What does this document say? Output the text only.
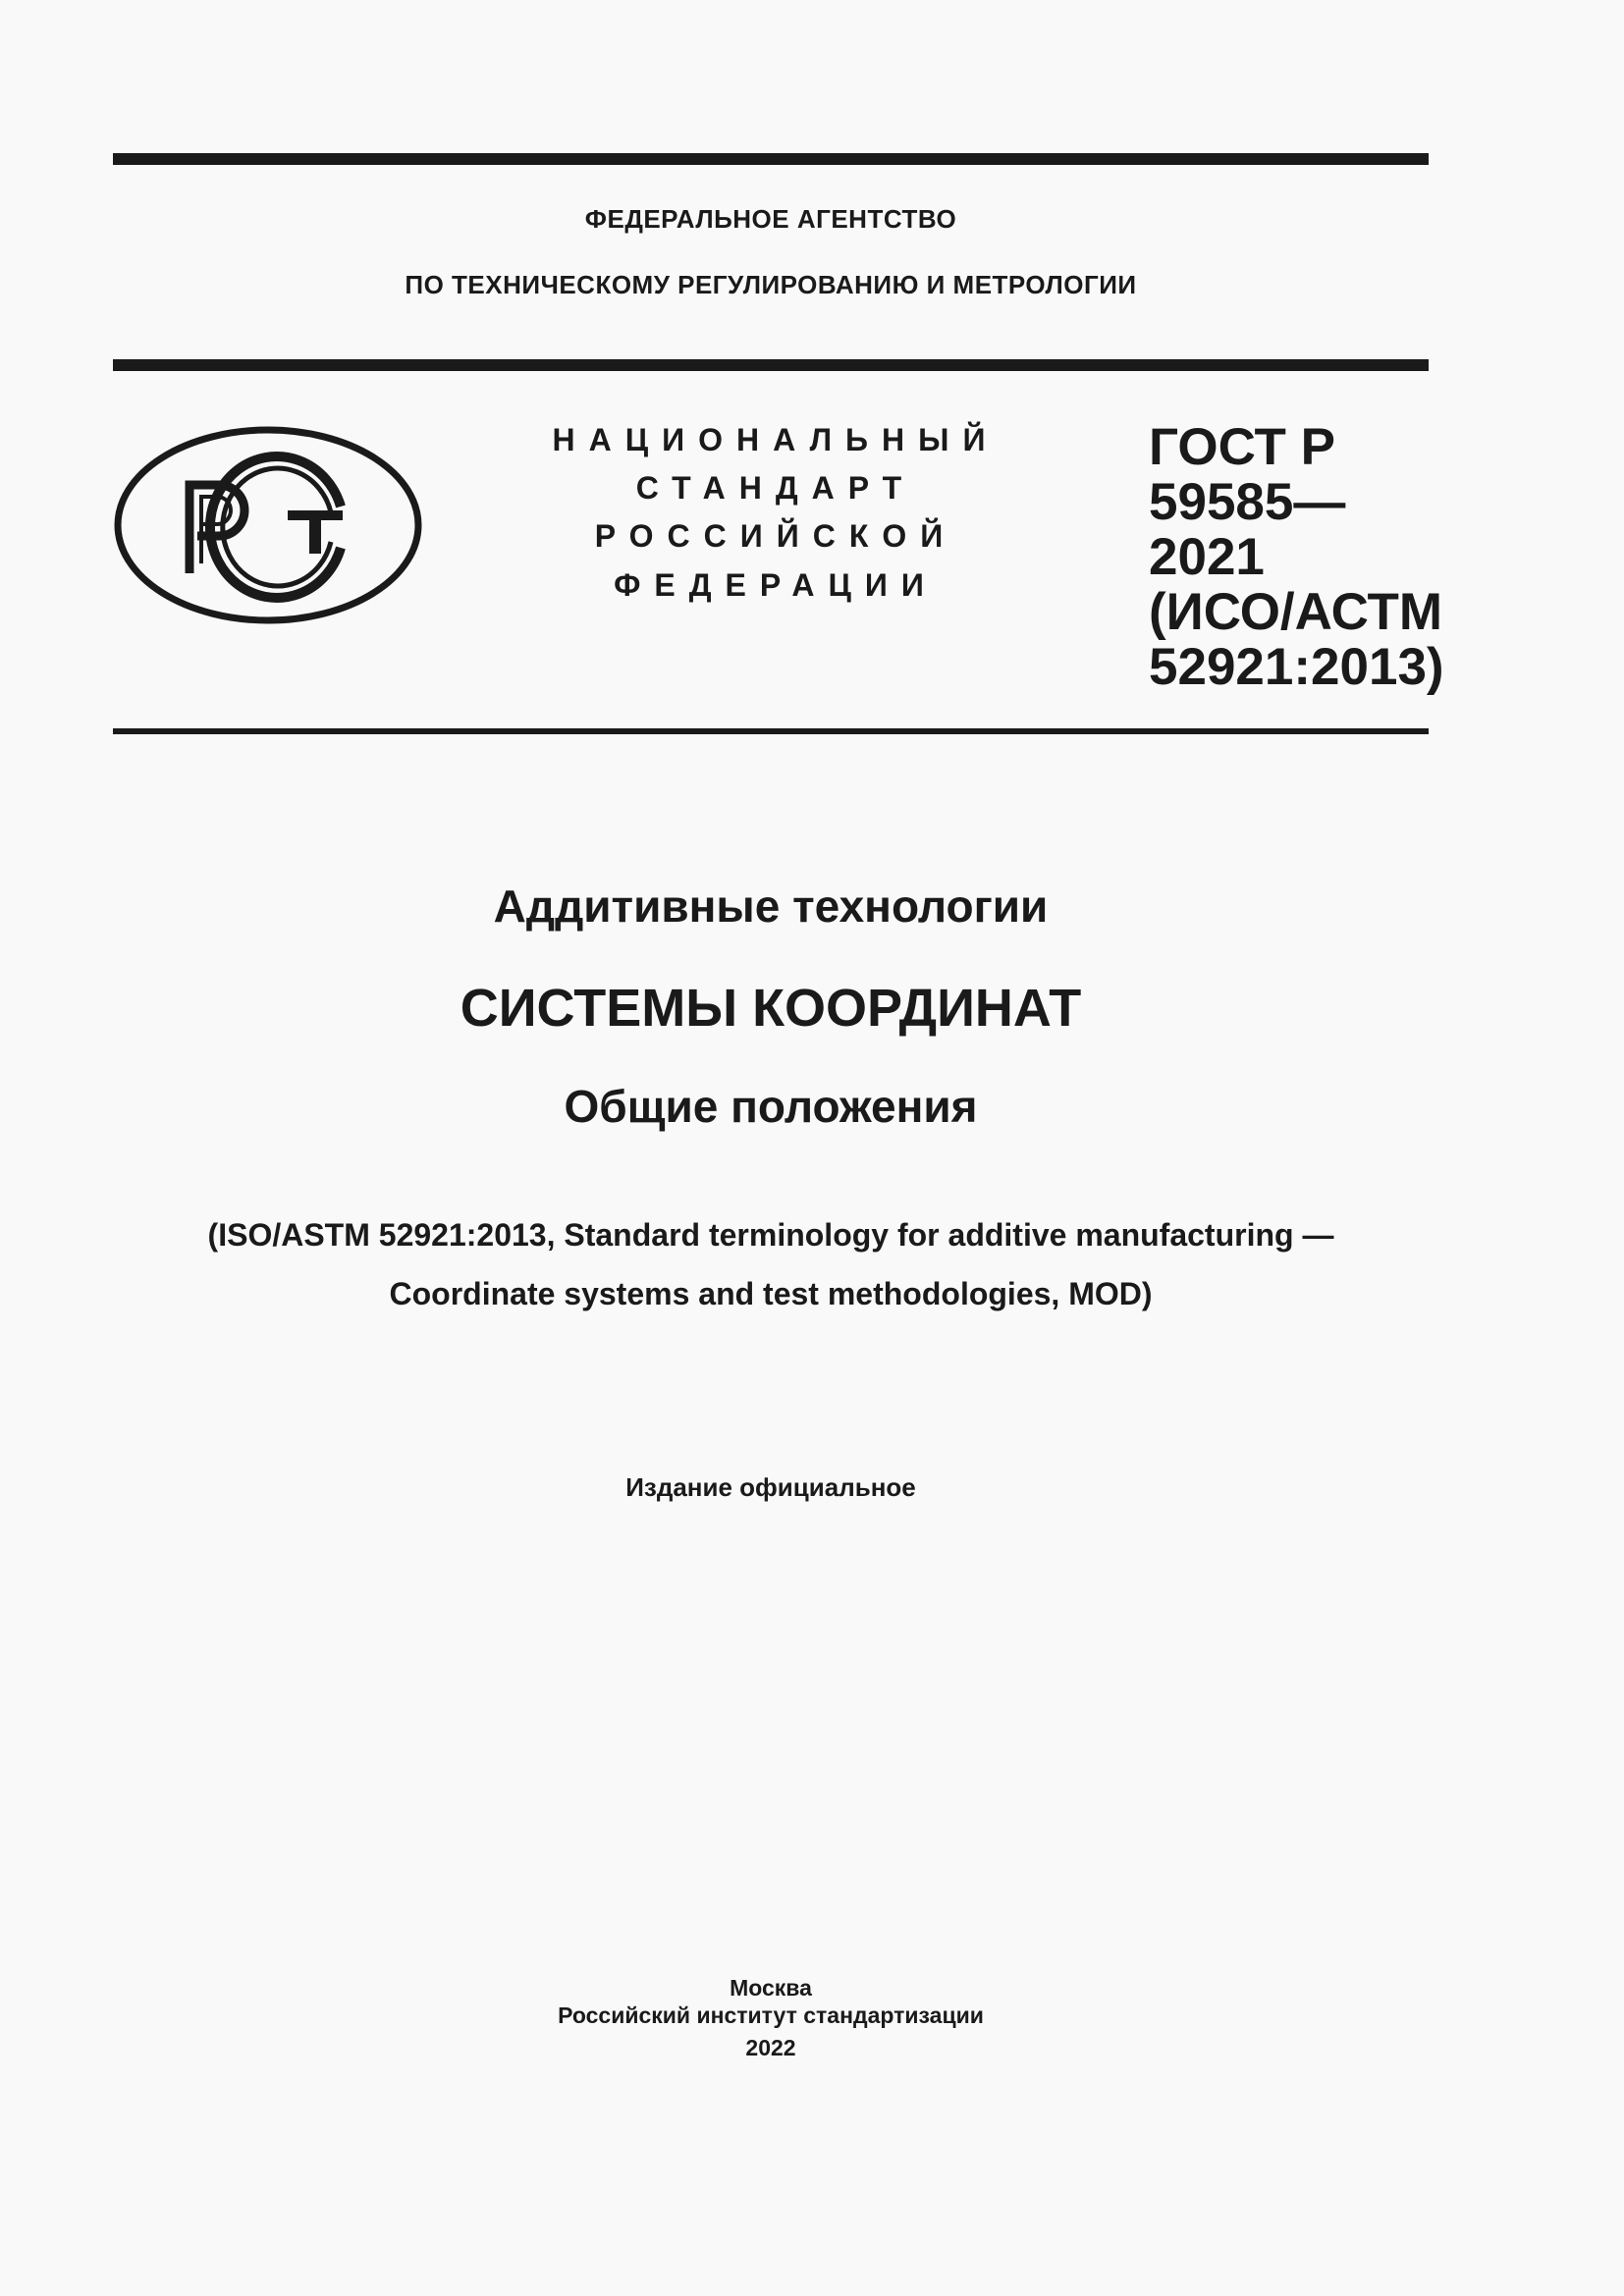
ФЕДЕРАЛЬНОЕ АГЕНТСТВО
ПО ТЕХНИЧЕСКОМУ РЕГУЛИРОВАНИЮ И МЕТРОЛОГИИ
НАЦИОНАЛЬНЫЙ
СТАНДАРТ
РОССИЙСКОЙ
ФЕДЕРАЦИИ
ГОСТ Р
59585—
2021
(ИСО/АСТМ
52921:2013)
Аддитивные технологии
СИСТЕМЫ КООРДИНАТ
Общие положения
(ISO/ASTM 52921:2013, Standard terminology for additive manufacturing —
Coordinate systems and test methodologies, MOD)
Издание официальное
Москва
Российский институт стандартизации
2022
